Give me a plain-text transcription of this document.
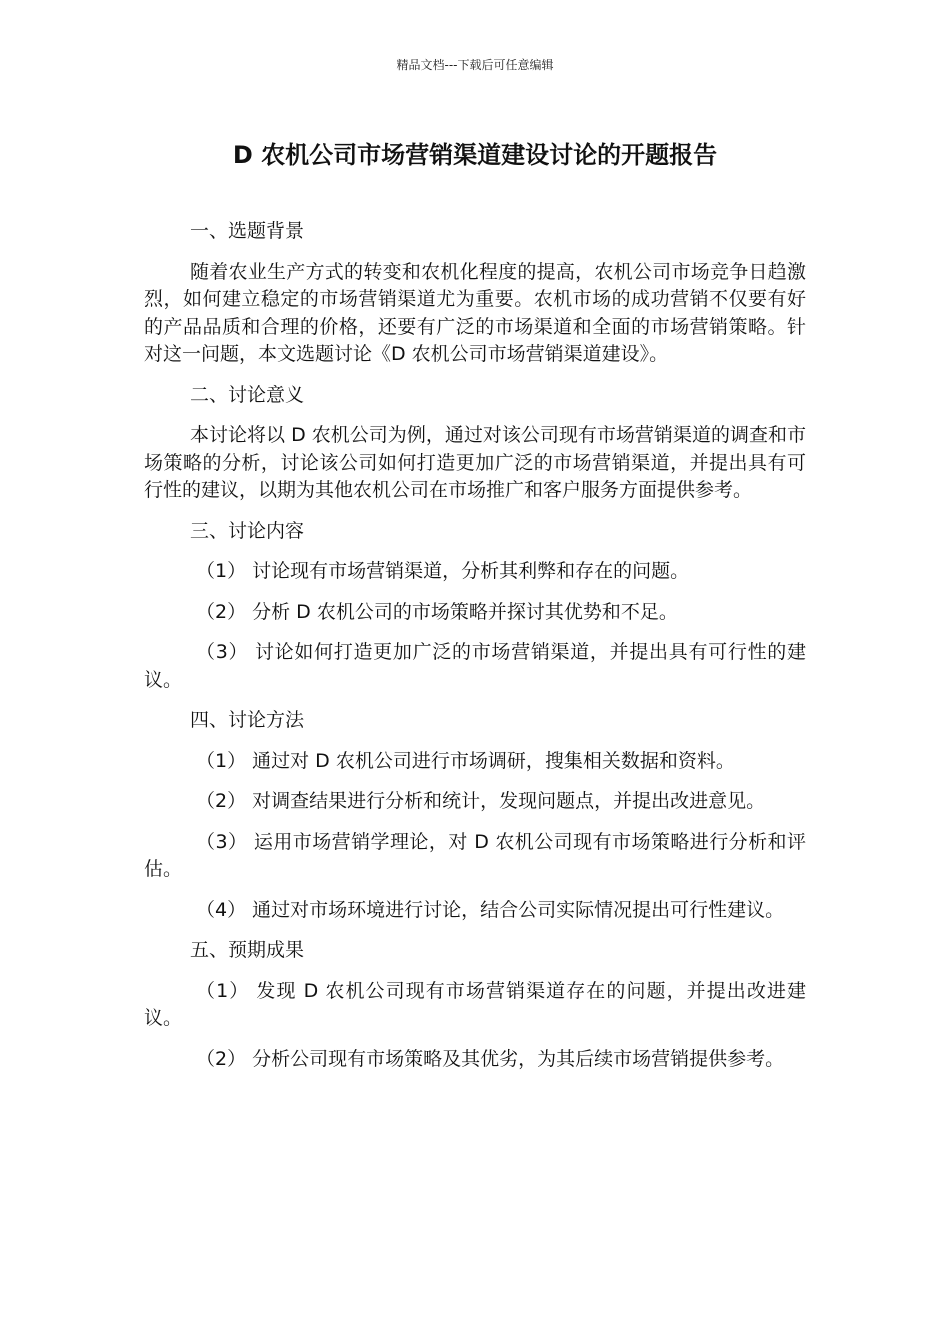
精品文档---下载后可任意编辑
D 农机公司市场营销渠道建设讨论的开题报告

一、选题背景

随着农业生产方式的转变和农机化程度的提高，农机公司市场竞争日趋激烈，如何建立稳定的市场营销渠道尤为重要。农机市场的成功营销不仅要有好的产品品质和合理的价格，还要有广泛的市场渠道和全面的市场营销策略。针对这一问题，本文选题讨论《D 农机公司市场营销渠道建设》。

二、讨论意义

本讨论将以 D 农机公司为例，通过对该公司现有市场营销渠道的调查和市场策略的分析，讨论该公司如何打造更加广泛的市场营销渠道，并提出具有可行性的建议，以期为其他农机公司在市场推广和客户服务方面提供参考。

三、讨论内容

（1） 讨论现有市场营销渠道，分析其利弊和存在的问题。

（2） 分析 D 农机公司的市场策略并探讨其优势和不足。

（3） 讨论如何打造更加广泛的市场营销渠道，并提出具有可行性的建议。

四、讨论方法

（1） 通过对 D 农机公司进行市场调研，搜集相关数据和资料。

（2） 对调查结果进行分析和统计，发现问题点，并提出改进意见。

（3） 运用市场营销学理论，对 D 农机公司现有市场策略进行分析和评估。

（4） 通过对市场环境进行讨论，结合公司实际情况提出可行性建议。

五、预期成果

（1） 发现 D 农机公司现有市场营销渠道存在的问题，并提出改进建议。

（2） 分析公司现有市场策略及其优劣，为其后续市场营销提供参考。
